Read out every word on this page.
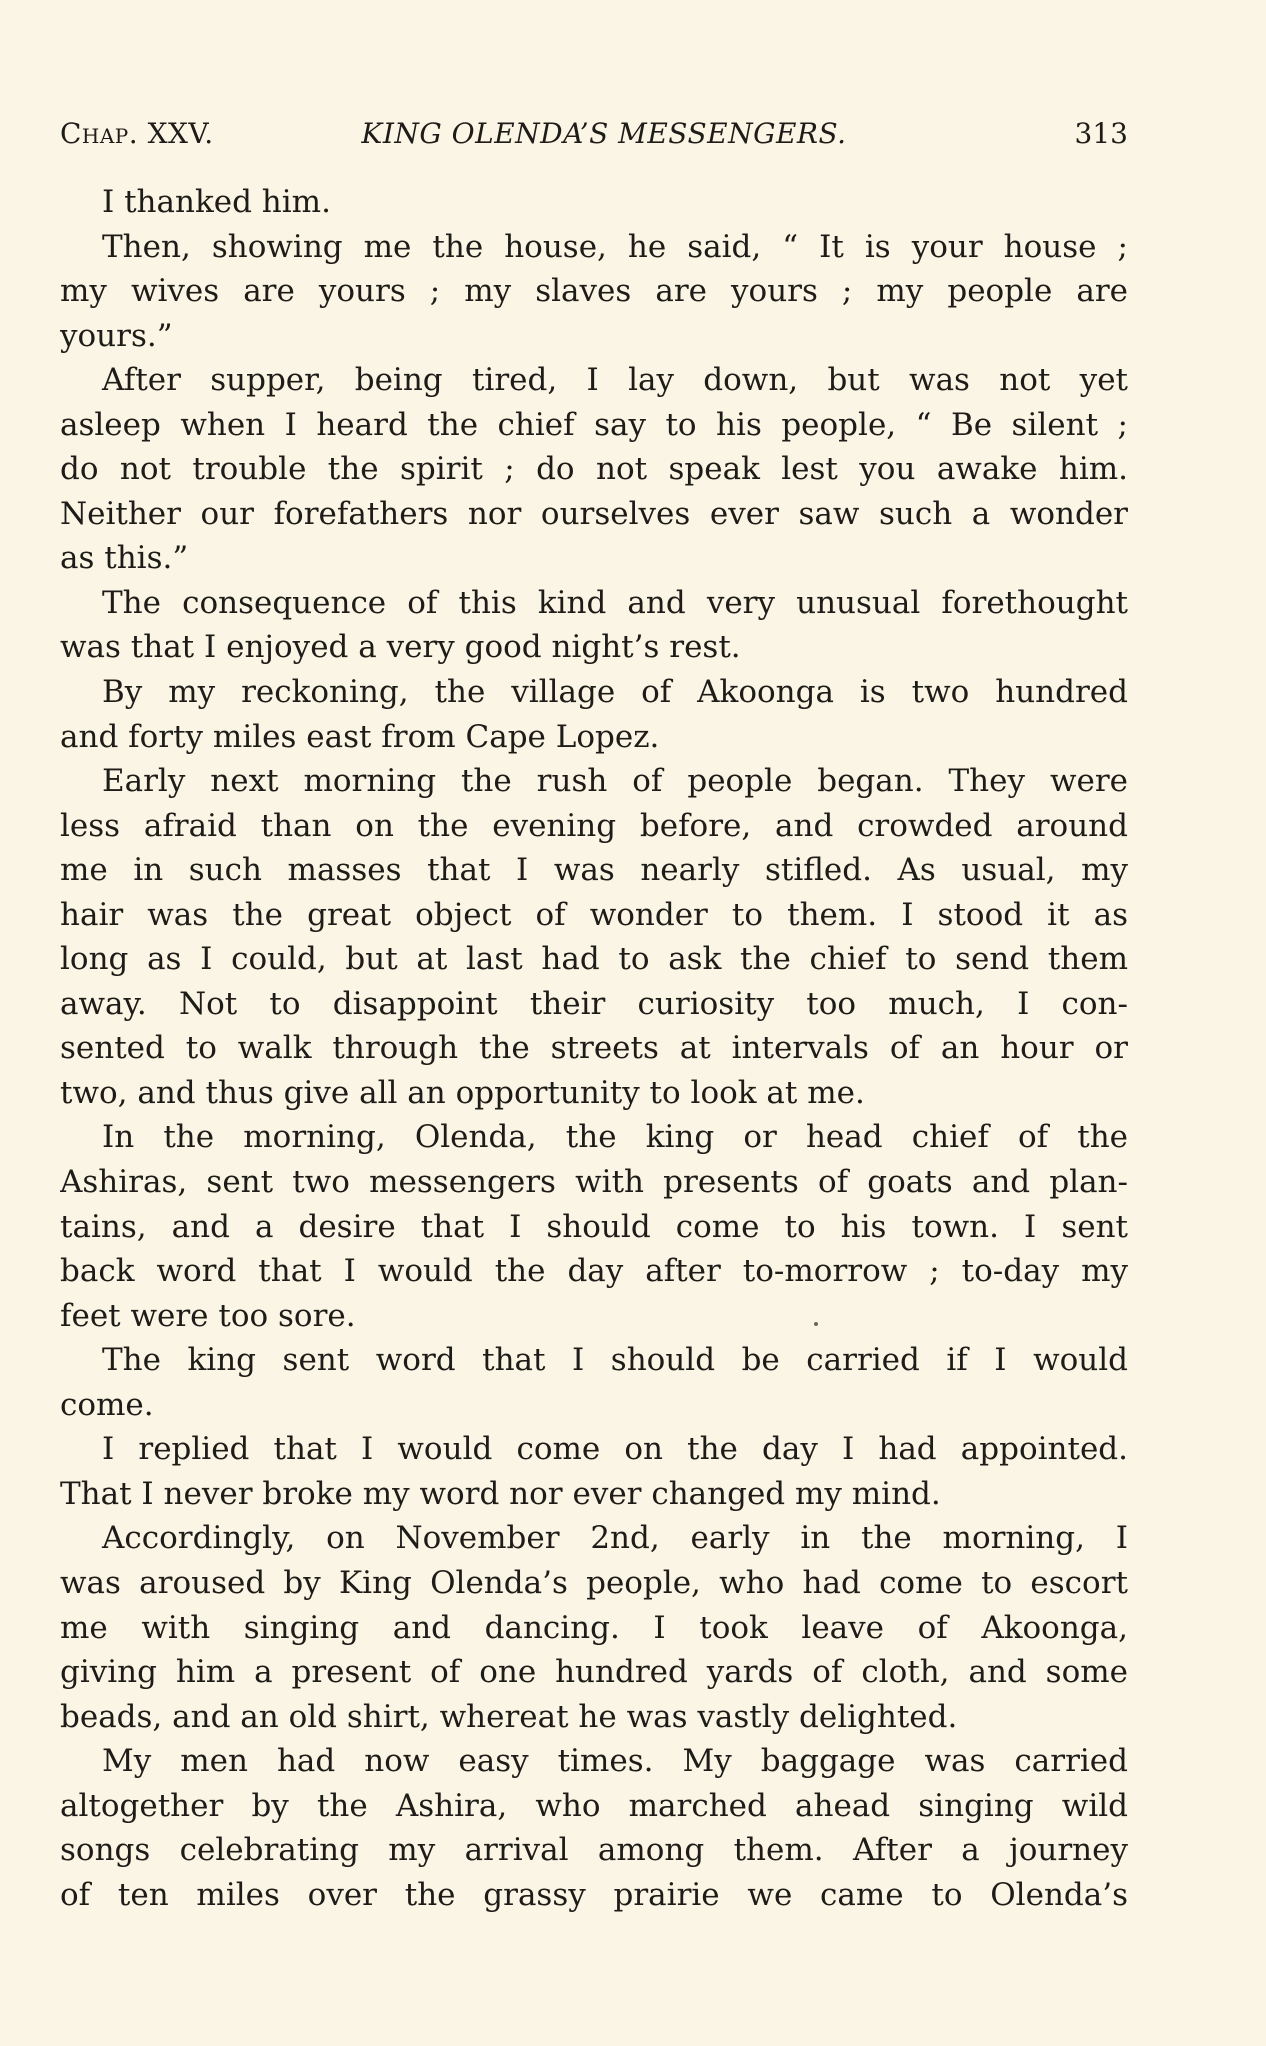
Chap. XXV.	KING OLENDA’S MESSENGERS.	313
I thanked him.
Then, showing me the house, he said, “ It is your house ;
my wives are yours ; my slaves are yours ; my people are
yours.”
After supper, being tired, I lay down, but was not yet
asleep when I heard the chief say to his people, “ Be silent ;
do not trouble the spirit ; do not speak lest you awake him.
Neither our forefathers nor ourselves ever saw such a wonder
as this.”
The consequence of this kind and very unusual forethought
was that I enjoyed a very good night’s rest.
By my reckoning, the village of Akoonga is two hundred
and forty miles east from Cape Lopez.
Early next morning the rush of people began. They were
less afraid than on the evening before, and crowded around
me in such masses that I was nearly stifled. As usual, my
hair was the great object of wonder to them. I stood it as
long as I could, but at last had to ask the chief to send them
away. Not to disappoint their curiosity too much, I con-
sented to walk through the streets at intervals of an hour or
two, and thus give all an opportunity to look at me.
In the morning, Olenda, the king or head chief of the
Ashiras, sent two messengers with presents of goats and plan-
tains, and a desire that I should come to his town. I sent
back word that I would the day after to-morrow ; to-day my
feet were too sore.
The king sent word that I should be carried if I would
come.
I replied that I would come on the day I had appointed.
That I never broke my word nor ever changed my mind.
Accordingly, on November 2nd, early in the morning, I
was aroused by King Olenda’s people, who had come to escort
me with singing and dancing. I took leave of Akoonga,
giving him a present of one hundred yards of cloth, and some
beads, and an old shirt, whereat he was vastly delighted.
My men had now easy times. My baggage was carried
altogether by the Ashira, who marched ahead singing wild
songs celebrating my arrival among them. After a journey
of ten miles over the grassy prairie we came to Olenda’s
